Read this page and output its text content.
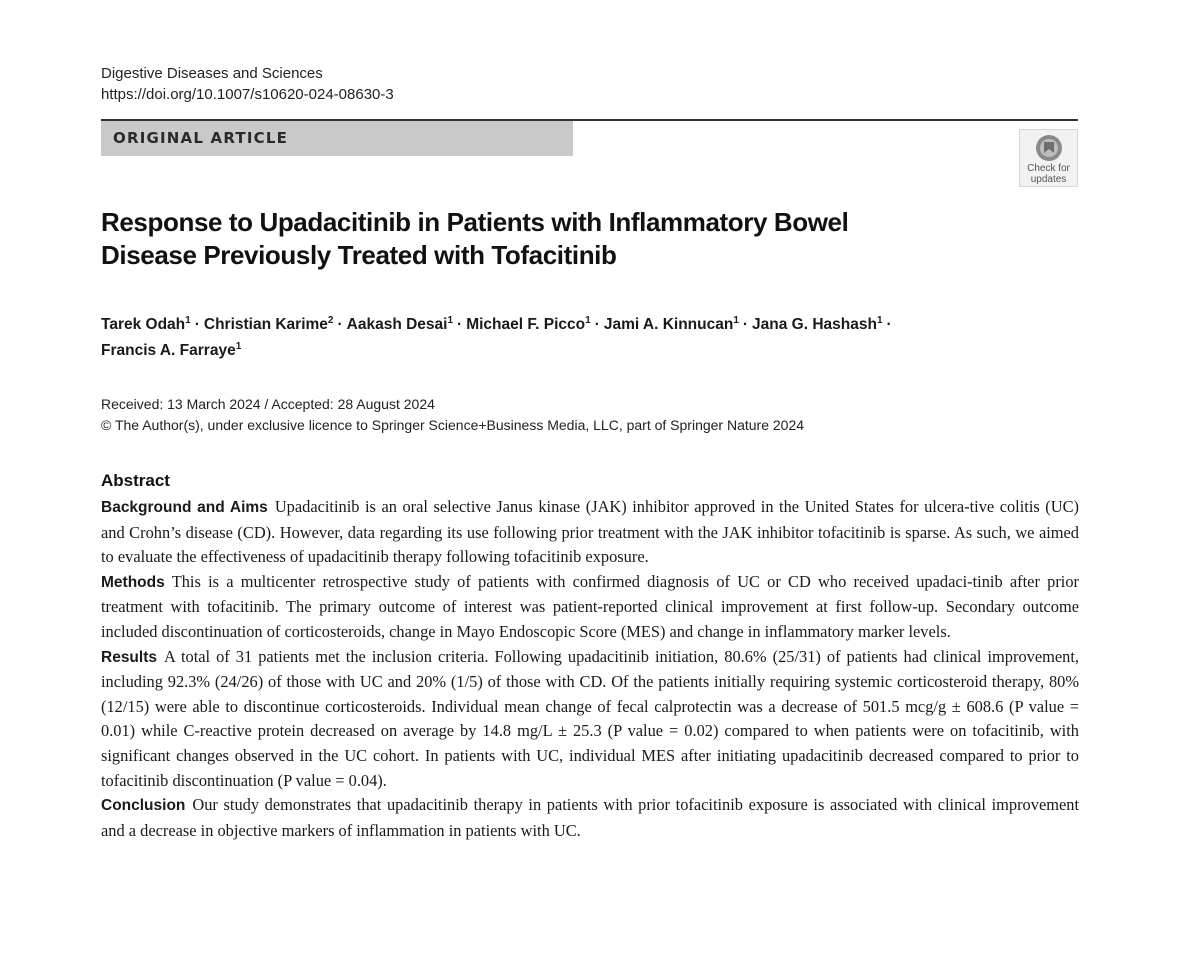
Digestive Diseases and Sciences
https://doi.org/10.1007/s10620-024-08630-3
ORIGINAL ARTICLE
Check for
updates
Response to Upadacitinib in Patients with Inflammatory Bowel
Disease Previously Treated with Tofacitinib
Tarek Odah$^1$ · Christian Karime$^2$ · Aakash Desai$^1$ · Michael F. Picco$^1$ · Jami A. Kinnucan$^1$ · Jana G. Hashash$^1$ ·
Francis A. Farraye$^1$
Received: 13 March 2024 / Accepted: 28 August 2024
© The Author(s), under exclusive licence to Springer Science+Business Media, LLC, part of Springer Nature 2024
Abstract

Background and Aims Upadacitinib is an oral selective Janus kinase (JAK) inhibitor approved in the United States for ulcera-tive colitis (UC) and Crohn’s disease (CD). However, data regarding its use following prior treatment with the JAK inhibitor tofacitinib is sparse. As such, we aimed to evaluate the effectiveness of upadacitinib therapy following tofacitinib exposure.

Methods This is a multicenter retrospective study of patients with confirmed diagnosis of UC or CD who received upadaci-tinib after prior treatment with tofacitinib. The primary outcome of interest was patient-reported clinical improvement at first follow-up. Secondary outcome included discontinuation of corticosteroids, change in Mayo Endoscopic Score (MES) and change in inflammatory marker levels.

Results A total of 31 patients met the inclusion criteria. Following upadacitinib initiation, 80.6% (25/31) of patients had clinical improvement, including 92.3% (24/26) of those with UC and 20% (1/5) of those with CD. Of the patients initially requiring systemic corticosteroid therapy, 80% (12/15) were able to discontinue corticosteroids. Individual mean change of fecal calprotectin was a decrease of 501.5 mcg/g ± 608.6 (P value = 0.01) while C-reactive protein decreased on average by 14.8 mg/L ± 25.3 (P value = 0.02) compared to when patients were on tofacitinib, with significant changes observed in the UC cohort. In patients with UC, individual MES after initiating upadacitinib decreased compared to prior to tofacitinib discontinuation (P value = 0.04).

Conclusion Our study demonstrates that upadacitinib therapy in patients with prior tofacitinib exposure is associated with clinical improvement and a decrease in objective markers of inflammation in patients with UC.
